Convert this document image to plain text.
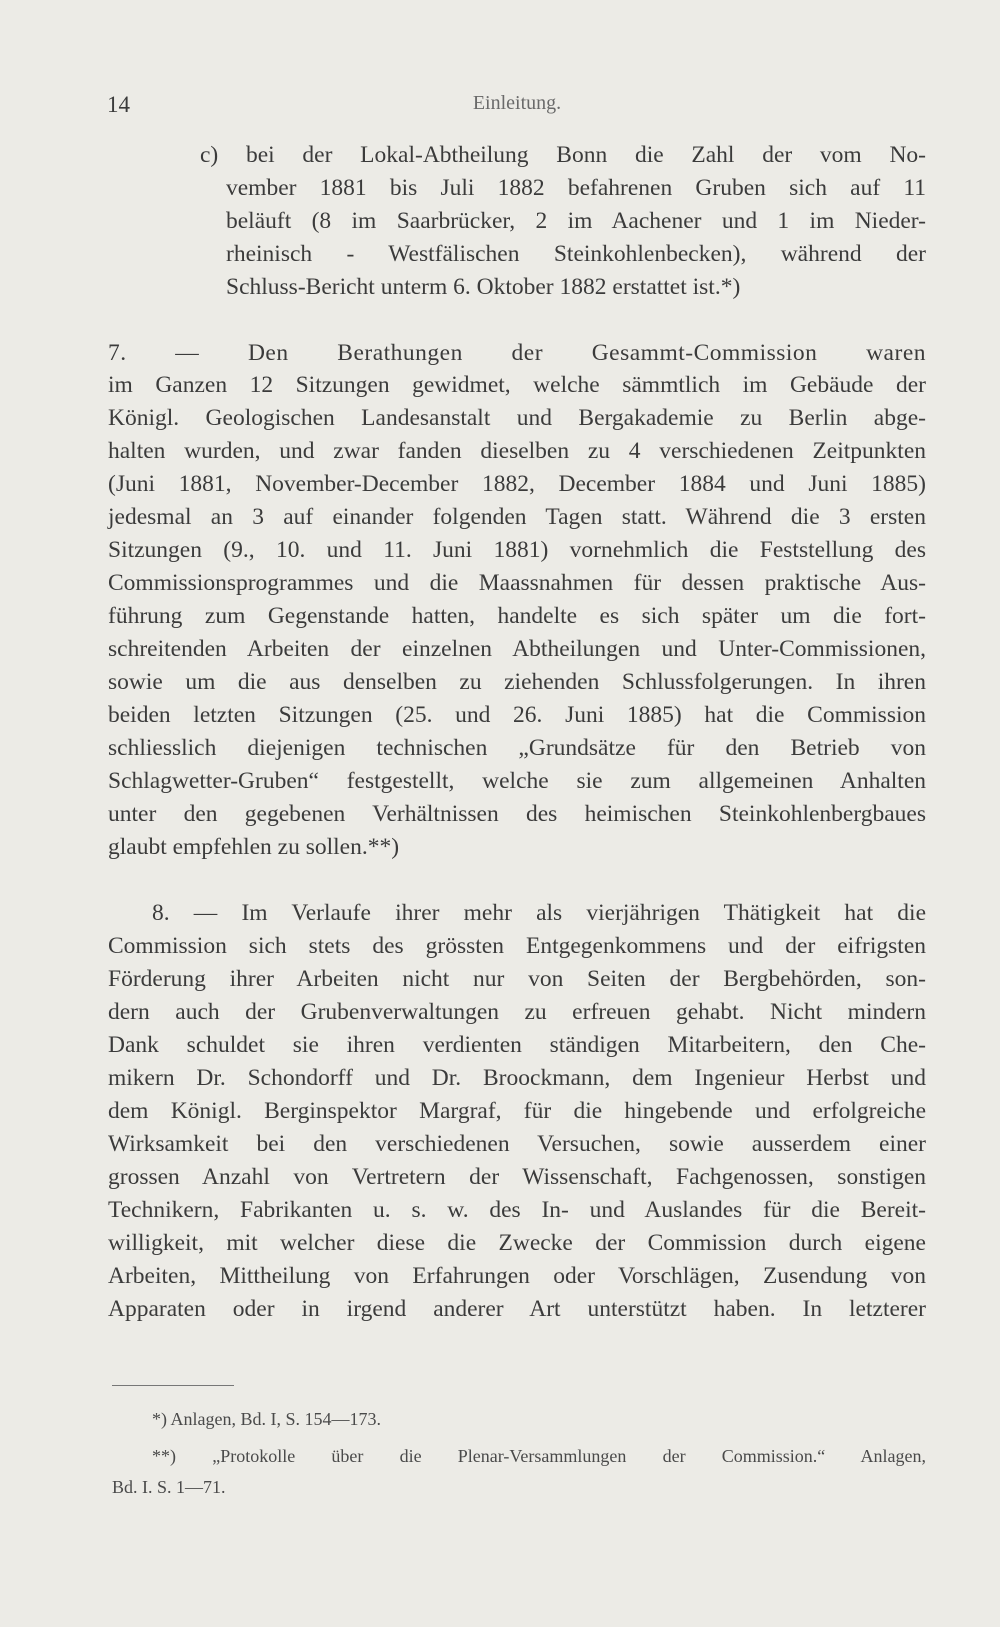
14	Einleitung.
c) bei der Lokal-Abtheilung Bonn die Zahl der vom No-
vember 1881 bis Juli 1882 befahrenen Gruben sich auf 11
beläuft (8 im Saarbrücker, 2 im Aachener und 1 im Nieder-
rheinisch - Westfälischen Steinkohlenbecken), während der
Schluss-Bericht unterm 6. Oktober 1882 erstattet ist.*)
7. — Den Berathungen der Gesammt-Commission waren
im Ganzen 12 Sitzungen gewidmet, welche sämmtlich im Gebäude der
Königl. Geologischen Landesanstalt und Bergakademie zu Berlin abge-
halten wurden, und zwar fanden dieselben zu 4 verschiedenen Zeitpunkten
(Juni 1881, November-December 1882, December 1884 und Juni 1885)
jedesmal an 3 auf einander folgenden Tagen statt. Während die 3 ersten
Sitzungen (9., 10. und 11. Juni 1881) vornehmlich die Feststellung des
Commissionsprogrammes und die Maassnahmen für dessen praktische Aus-
führung zum Gegenstande hatten, handelte es sich später um die fort-
schreitenden Arbeiten der einzelnen Abtheilungen und Unter-Commissionen,
sowie um die aus denselben zu ziehenden Schlussfolgerungen. In ihren
beiden letzten Sitzungen (25. und 26. Juni 1885) hat die Commission
schliesslich diejenigen technischen „Grundsätze für den Betrieb von
Schlagwetter-Gruben“ festgestellt, welche sie zum allgemeinen Anhalten
unter den gegebenen Verhältnissen des heimischen Steinkohlenbergbaues
glaubt empfehlen zu sollen.**)
8. — Im Verlaufe ihrer mehr als vierjährigen Thätigkeit hat die
Commission sich stets des grössten Entgegenkommens und der eifrigsten
Förderung ihrer Arbeiten nicht nur von Seiten der Bergbehörden, son-
dern auch der Grubenverwaltungen zu erfreuen gehabt. Nicht mindern
Dank schuldet sie ihren verdienten ständigen Mitarbeitern, den Che-
mikern Dr. Schondorff und Dr. Broockmann, dem Ingenieur Herbst und
dem Königl. Berginspektor Margraf, für die hingebende und erfolgreiche
Wirksamkeit bei den verschiedenen Versuchen, sowie ausserdem einer
grossen Anzahl von Vertretern der Wissenschaft, Fachgenossen, sonstigen
Technikern, Fabrikanten u. s. w. des In- und Auslandes für die Bereit-
willigkeit, mit welcher diese die Zwecke der Commission durch eigene
Arbeiten, Mittheilung von Erfahrungen oder Vorschlägen, Zusendung von
Apparaten oder in irgend anderer Art unterstützt haben. In letzterer
*) Anlagen, Bd. I, S. 154—173.
**) „Protokolle über die Plenar-Versammlungen der Commission.“ Anlagen,
Bd. I. S. 1—71.
